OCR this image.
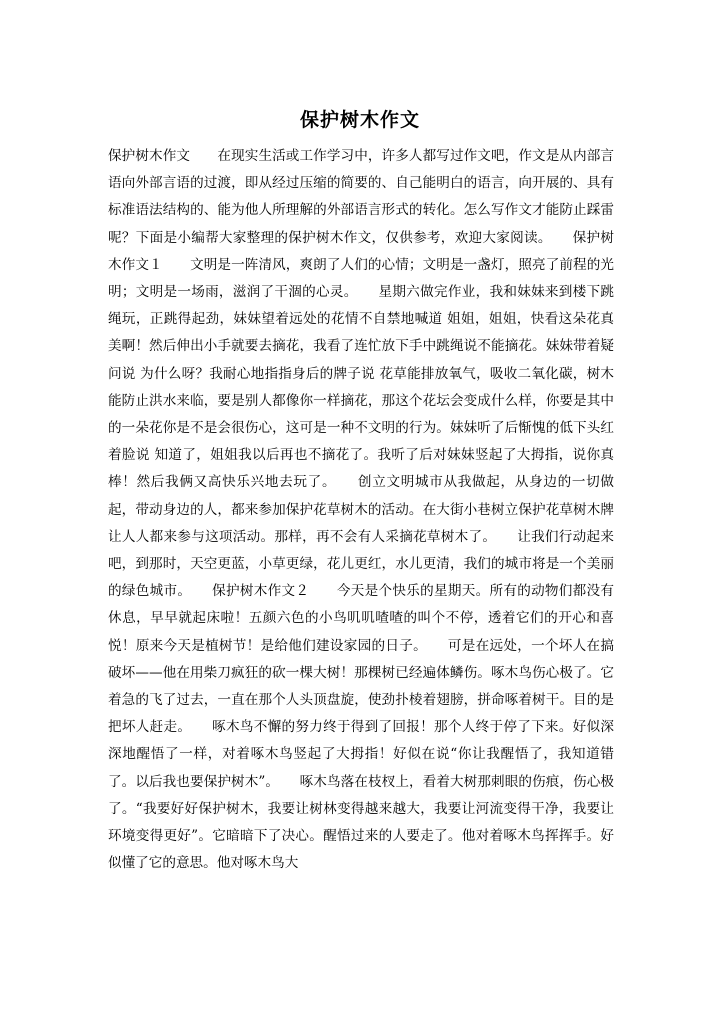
保护树木作文

保护树木作文　　在现实生活或工作学习中，许多人都写过作文吧，作文是从内部言语向外部言语的过渡，即从经过压缩的简要的、自己能明白的语言，向开展的、具有标准语法结构的、能为他人所理解的外部语言形式的转化。怎么写作文才能防止踩雷呢？下面是小编帮大家整理的保护树木作文，仅供参考，欢迎大家阅读。　　保护树木作文１　　文明是一阵清风，爽朗了人们的心情；文明是一盏灯，照亮了前程的光明；文明是一场雨，滋润了干涸的心灵。　　星期六做完作业，我和妹妹来到楼下跳绳玩，正跳得起劲，妹妹望着远处的花情不自禁地喊道 姐姐，姐姐，快看这朵花真美啊！然后伸出小手就要去摘花，我看了连忙放下手中跳绳说不能摘花。妹妹带着疑问说 为什么呀？我耐心地指指身后的牌子说 花草能排放氧气，吸收二氧化碳，树木能防止洪水来临，要是别人都像你一样摘花，那这个花坛会变成什么样，你要是其中的一朵花你是不是会很伤心，这可是一种不文明的行为。妹妹听了后惭愧的低下头红着脸说 知道了，姐姐我以后再也不摘花了。我听了后对妹妹竖起了大拇指，说你真棒！然后我俩又高快乐兴地去玩了。　　创立文明城市从我做起，从身边的一切做起，带动身边的人，都来参加保护花草树木的活动。在大街小巷树立保护花草树木牌让人人都来参与这项活动。那样，再不会有人采摘花草树木了。　　让我们行动起来吧，到那时，天空更蓝，小草更绿，花儿更红，水儿更清，我们的城市将是一个美丽的绿色城市。　　保护树木作文２　　今天是个快乐的星期天。所有的动物们都没有休息，早早就起床啦！五颜六色的小鸟叽叽喳喳的叫个不停，透着它们的开心和喜悦！原来今天是植树节！是给他们建设家园的日子。　　可是在远处，一个坏人在搞破坏——他在用柴刀疯狂的砍一棵大树！那棵树已经遍体鳞伤。啄木鸟伤心极了。它着急的飞了过去，一直在那个人头顶盘旋，使劲扑棱着翅膀，拼命啄着树干。目的是把坏人赶走。　　啄木鸟不懈的努力终于得到了回报！那个人终于停了下来。好似深深地醒悟了一样，对着啄木鸟竖起了大拇指！好似在说“你让我醒悟了，我知道错了。以后我也要保护树木”。　　啄木鸟落在枝杈上，看着大树那刺眼的伤痕，伤心极了。“我要好好保护树木，我要让树林变得越来越大，我要让河流变得干净，我要让环境变得更好”。它暗暗下了决心。醒悟过来的人要走了。他对着啄木鸟挥挥手。好似懂了它的意思。他对啄木鸟大
